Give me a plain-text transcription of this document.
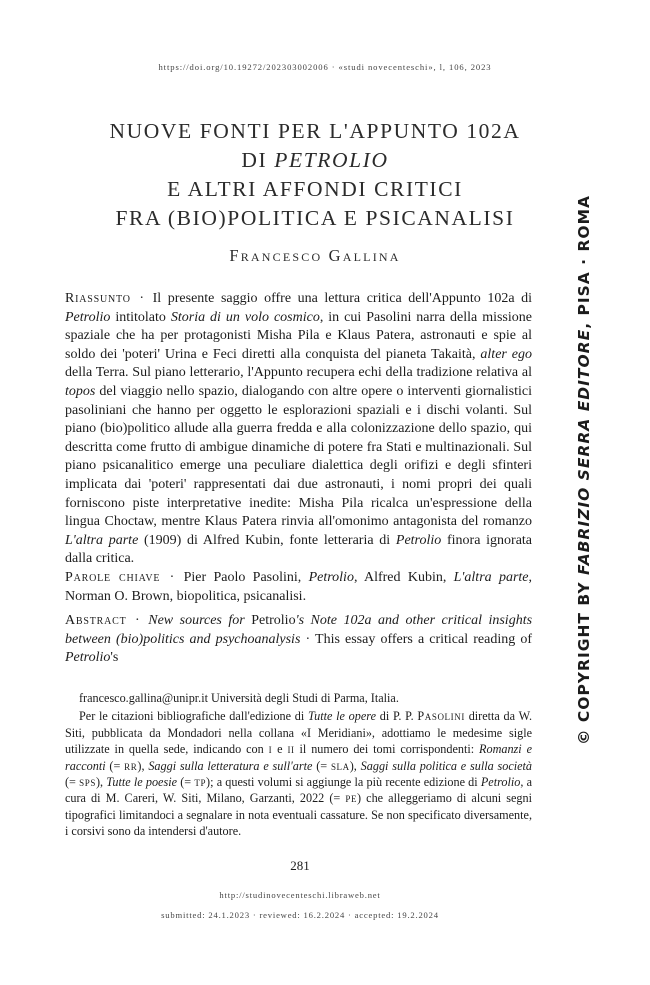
https://doi.org/10.19272/202303002006 · «studi novecenteschi», l, 106, 2023
NUOVE FONTI PER L'APPUNTO 102A
DI PETROLIO
E ALTRI AFFONDI CRITICI
FRA (BIO)POLITICA E PSICANALISI
Francesco Gallina

Riassunto · Il presente saggio offre una lettura critica dell'Appunto 102a di Petrolio intitolato Storia di un volo cosmico, in cui Pasolini narra della missione spaziale che ha per protagonisti Misha Pila e Klaus Patera, astronauti e spie al soldo dei 'poteri' Urina e Feci diretti alla conquista del pianeta Takaità, alter ego della Terra. Sul piano letterario, l'Appunto recupera echi della tradizione relativa al topos del viaggio nello spazio, dialogando con altre opere o interventi giornalistici pasoliniani che hanno per oggetto le esplorazioni spaziali e i dischi volanti. Sul piano (bio)politico allude alla guerra fredda e alla colonizzazione dello spazio, qui descritta come frutto di ambigue dinamiche di potere fra Stati e multinazionali. Sul piano psicanalitico emerge una peculiare dialettica degli orifizi e degli sfinteri implicata dai 'poteri' rappresentati dai due astronauti, i nomi propri dei quali forniscono piste interpretative inedite: Misha Pila ricalca un'espressione della lingua Choctaw, mentre Klaus Patera rinvia all'omonimo antagonista del romanzo L'altra parte (1909) di Alfred Kubin, fonte letteraria di Petrolio finora ignorata dalla critica.

Parole chiave · Pier Paolo Pasolini, Petrolio, Alfred Kubin, L'altra parte, Norman O. Brown, biopolitica, psicanalisi.

Abstract · New sources for Petrolio's Note 102a and other critical insights between (bio)politics and psychoanalysis · This essay offers a critical reading of Petrolio's

francesco.gallina@unipr.it Università degli Studi di Parma, Italia.

Per le citazioni bibliografiche dall'edizione di Tutte le opere di P. P. Pasolini diretta da W. Siti, pubblicata da Mondadori nella collana «I Meridiani», adottiamo le medesime sigle utilizzate in quella sede, indicando con i e ii il numero dei tomi corrispondenti: Romanzi e racconti (= rr), Saggi sulla letteratura e sull'arte (= sla), Saggi sulla politica e sulla società (= sps), Tutte le poesie (= tp); a questi volumi si aggiunge la più recente edizione di Petrolio, a cura di M. Careri, W. Siti, Milano, Garzanti, 2022 (= pe) che alleggeriamo di alcuni segni tipografici limitandoci a segnalare in nota eventuali cassature. Se non specificato diversamente, i corsivi sono da intendersi d'autore.

281
http://studinovecenteschi.libraweb.net
submitted: 24.1.2023 · reviewed: 16.2.2024 · accepted: 19.2.2024
© COPYRIGHT BY FABRIZIO SERRA EDITORE, PISA · ROMA
